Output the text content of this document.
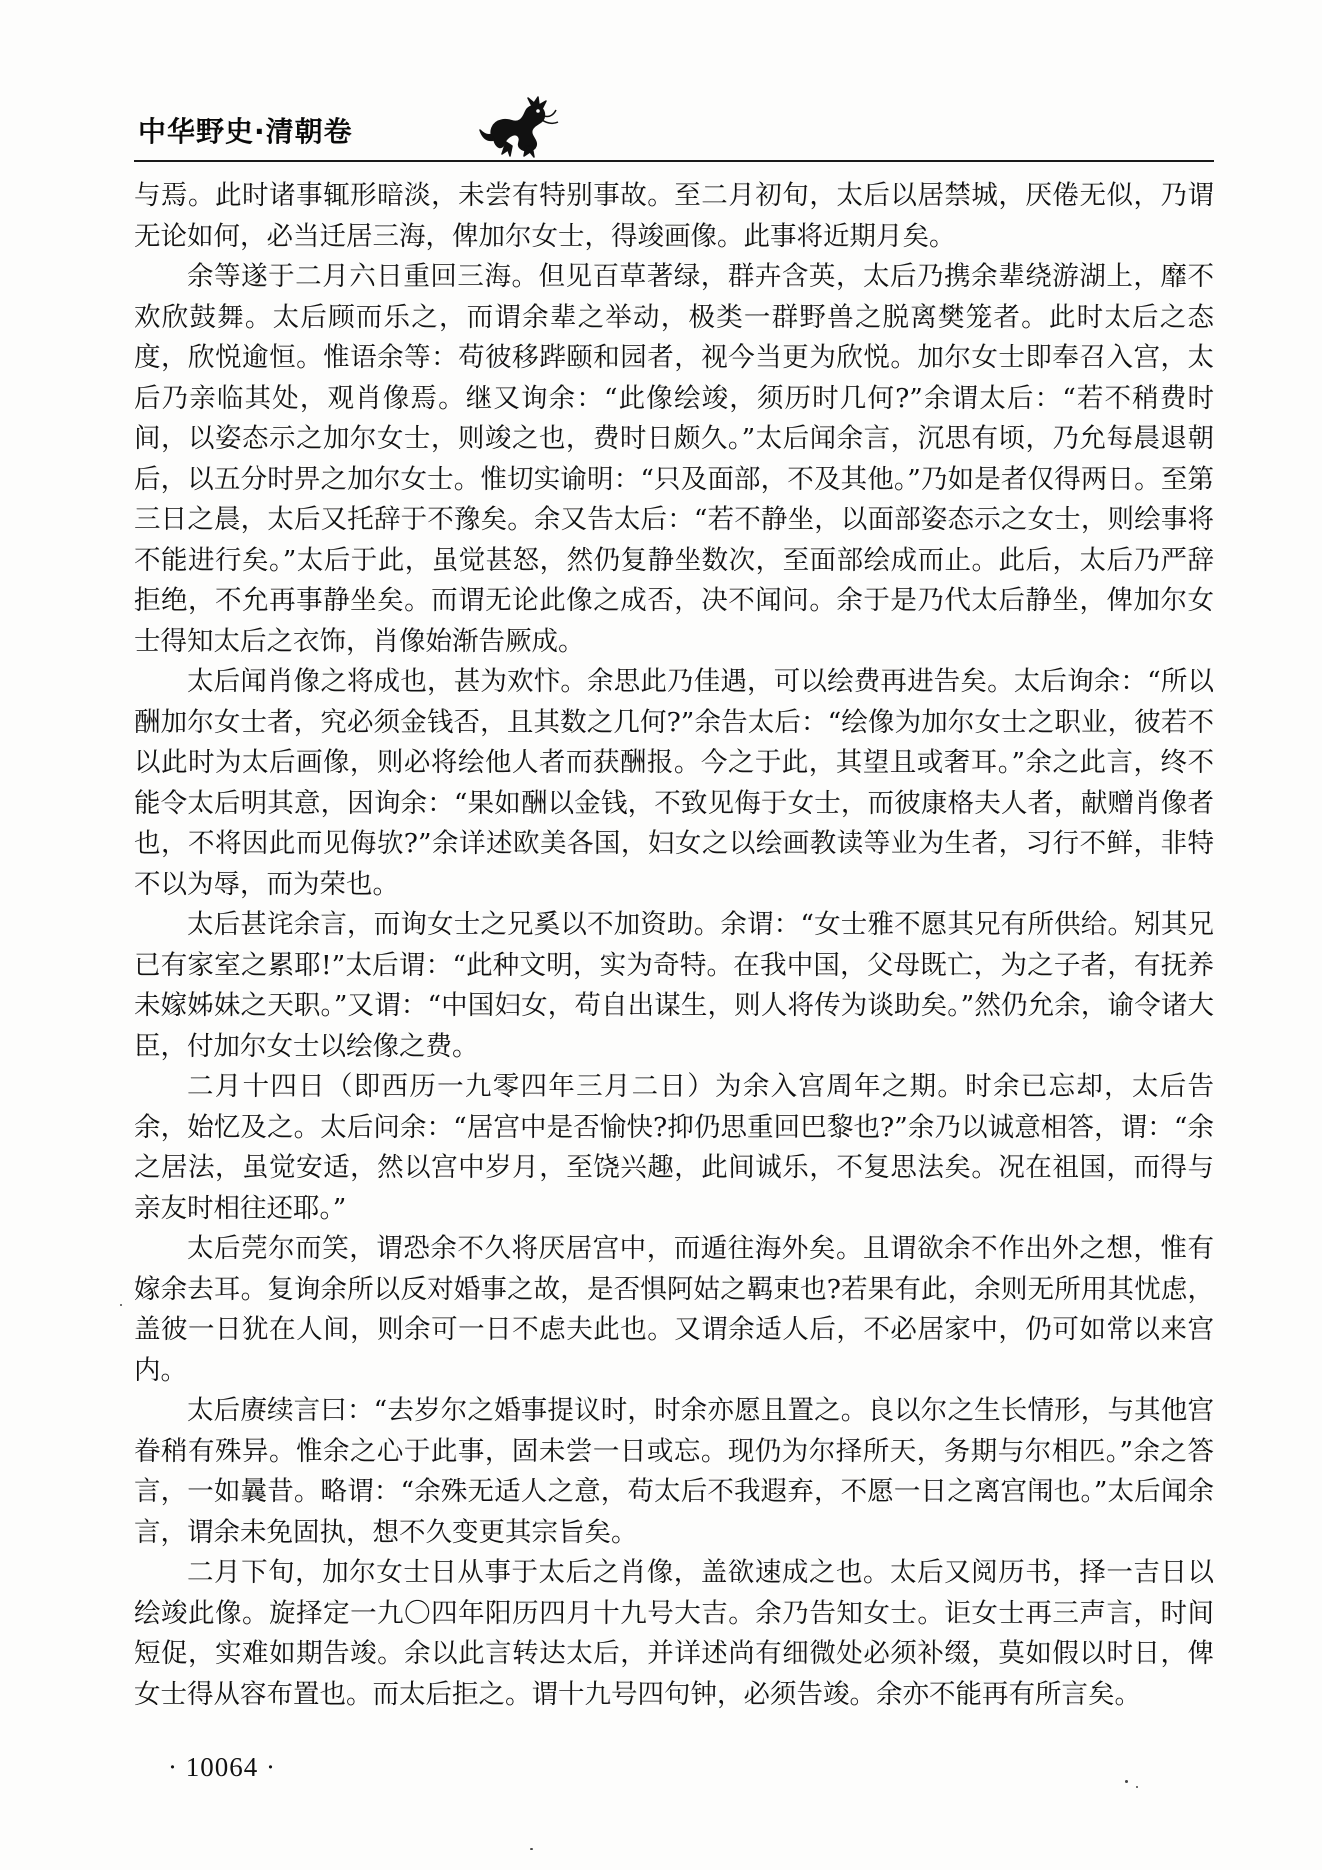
中华野史·清朝卷

与焉。此时诸事辄形暗淡，未尝有特别事故。至二月初旬，太后以居禁城，厌倦无似，乃谓无论如何，必当迁居三海，俾加尔女士，得竣画像。此事将近期月矣。

余等遂于二月六日重回三海。但见百草著绿，群卉含英，太后乃携余辈绕游湖上，靡不欢欣鼓舞。太后顾而乐之，而谓余辈之举动，极类一群野兽之脱离樊笼者。此时太后之态度，欣悦逾恒。惟语余等：苟彼移跸颐和园者，视今当更为欣悦。加尔女士即奉召入宫，太后乃亲临其处，观肖像焉。继又询余：“此像绘竣，须历时几何?”余谓太后：“若不稍费时间，以姿态示之加尔女士，则竣之也，费时日颇久。”太后闻余言，沉思有顷，乃允每晨退朝后，以五分时畀之加尔女士。惟切实谕明：“只及面部，不及其他。”乃如是者仅得两日。至第三日之晨，太后又托辞于不豫矣。余又告太后：“若不静坐，以面部姿态示之女士，则绘事将不能进行矣。”太后于此，虽觉甚怒，然仍复静坐数次，至面部绘成而止。此后，太后乃严辞拒绝，不允再事静坐矣。而谓无论此像之成否，决不闻问。余于是乃代太后静坐，俾加尔女士得知太后之衣饰，肖像始渐告厥成。

太后闻肖像之将成也，甚为欢忭。余思此乃佳遇，可以绘费再进告矣。太后询余：“所以酬加尔女士者，究必须金钱否，且其数之几何?”余告太后：“绘像为加尔女士之职业，彼若不以此时为太后画像，则必将绘他人者而获酬报。今之于此，其望且或奢耳。”余之此言，终不能令太后明其意，因询余：“果如酬以金钱，不致见侮于女士，而彼康格夫人者，献赠肖像者也，不将因此而见侮欤?”余详述欧美各国，妇女之以绘画教读等业为生者，习行不鲜，非特不以为辱，而为荣也。

太后甚诧余言，而询女士之兄奚以不加资助。余谓：“女士雅不愿其兄有所供给。矧其兄已有家室之累耶!”太后谓：“此种文明，实为奇特。在我中国，父母既亡，为之子者，有抚养未嫁姊妹之天职。”又谓：“中国妇女，苟自出谋生，则人将传为谈助矣。”然仍允余，谕令诸大臣，付加尔女士以绘像之费。

二月十四日（即西历一九零四年三月二日）为余入宫周年之期。时余已忘却，太后告余，始忆及之。太后问余：“居宫中是否愉快?抑仍思重回巴黎也?”余乃以诚意相答，谓：“余之居法，虽觉安适，然以宫中岁月，至饶兴趣，此间诚乐，不复思法矣。况在祖国，而得与亲友时相往还耶。”

太后莞尔而笑，谓恐余不久将厌居宫中，而遁往海外矣。且谓欲余不作出外之想，惟有嫁余去耳。复询余所以反对婚事之故，是否惧阿姑之羁束也?若果有此，余则无所用其忧虑，盖彼一日犹在人间，则余可一日不虑夫此也。又谓余适人后，不必居家中，仍可如常以来宫内。

太后赓续言曰：“去岁尔之婚事提议时，时余亦愿且置之。良以尔之生长情形，与其他宫眷稍有殊异。惟余之心于此事，固未尝一日或忘。现仍为尔择所天，务期与尔相匹。”余之答言，一如曩昔。略谓：“余殊无适人之意，苟太后不我遐弃，不愿一日之离宫闱也。”太后闻余言，谓余未免固执，想不久变更其宗旨矣。

二月下旬，加尔女士日从事于太后之肖像，盖欲速成之也。太后又阅历书，择一吉日以绘竣此像。旋择定一九〇四年阳历四月十九号大吉。余乃告知女士。讵女士再三声言，时间短促，实难如期告竣。余以此言转达太后，并详述尚有细微处必须补缀，莫如假以时日，俾女士得从容布置也。而太后拒之。谓十九号四句钟，必须告竣。余亦不能再有所言矣。

· 10064 ·
